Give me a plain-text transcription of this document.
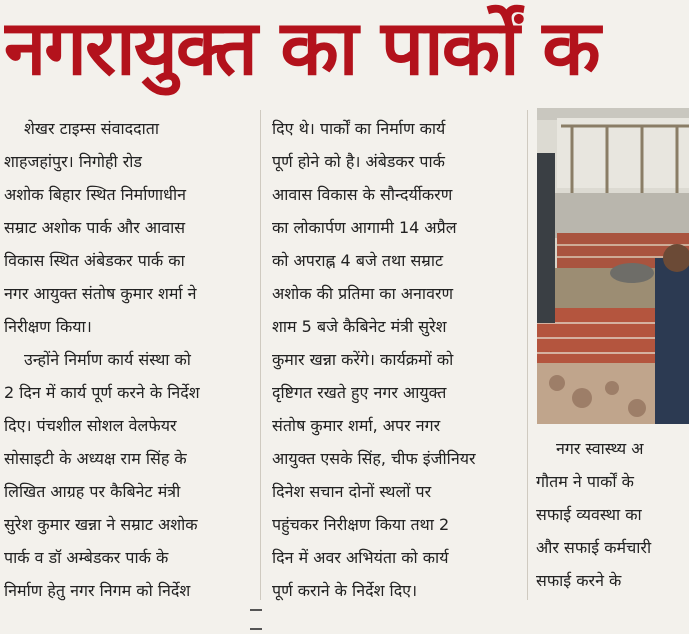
नगरायुक्त का पार्कों क

शेखर टाइम्स संवाददाता

शाहजहांपुर। निगोही रोड

अशोक बिहार स्थित निर्माणाधीन

सम्राट अशोक पार्क और आवास

विकास स्थित अंबेडकर पार्क का

नगर आयुक्त संतोष कुमार शर्मा ने

निरीक्षण किया।

उन्होंने निर्माण कार्य संस्था को

2 दिन में कार्य पूर्ण करने के निर्देश

दिए। पंचशील सोशल वेलफेयर

सोसाइटी के अध्यक्ष राम सिंह के

लिखित आग्रह पर कैबिनेट मंत्री

सुरेश कुमार खन्ना ने सम्राट अशोक

पार्क व डॉ अम्बेडकर पार्क के

निर्माण हेतु नगर निगम को निर्देश

दिए थे। पार्कों का निर्माण कार्य

पूर्ण होने को है। अंबेडकर पार्क

आवास विकास के सौन्दर्यीकरण

का लोकार्पण आगामी 14 अप्रैल

को अपराह्न 4 बजे तथा सम्राट

अशोक की प्रतिमा का अनावरण

शाम 5 बजे कैबिनेट मंत्री सुरेश

कुमार खन्ना करेंगे। कार्यक्रमों को

दृष्टिगत रखते हुए नगर आयुक्त

संतोष कुमार शर्मा, अपर नगर

आयुक्त एसके सिंह, चीफ इंजीनियर

दिनेश सचान दोनों स्थलों पर

पहुंचकर निरीक्षण किया तथा 2

दिन में अवर अभियंता को कार्य

पूर्ण कराने के निर्देश दिए।

नगर स्वास्थ्य अ

गौतम ने पार्कों के

सफाई व्यवस्था का

और सफाई कर्मचारी

सफाई करने के
